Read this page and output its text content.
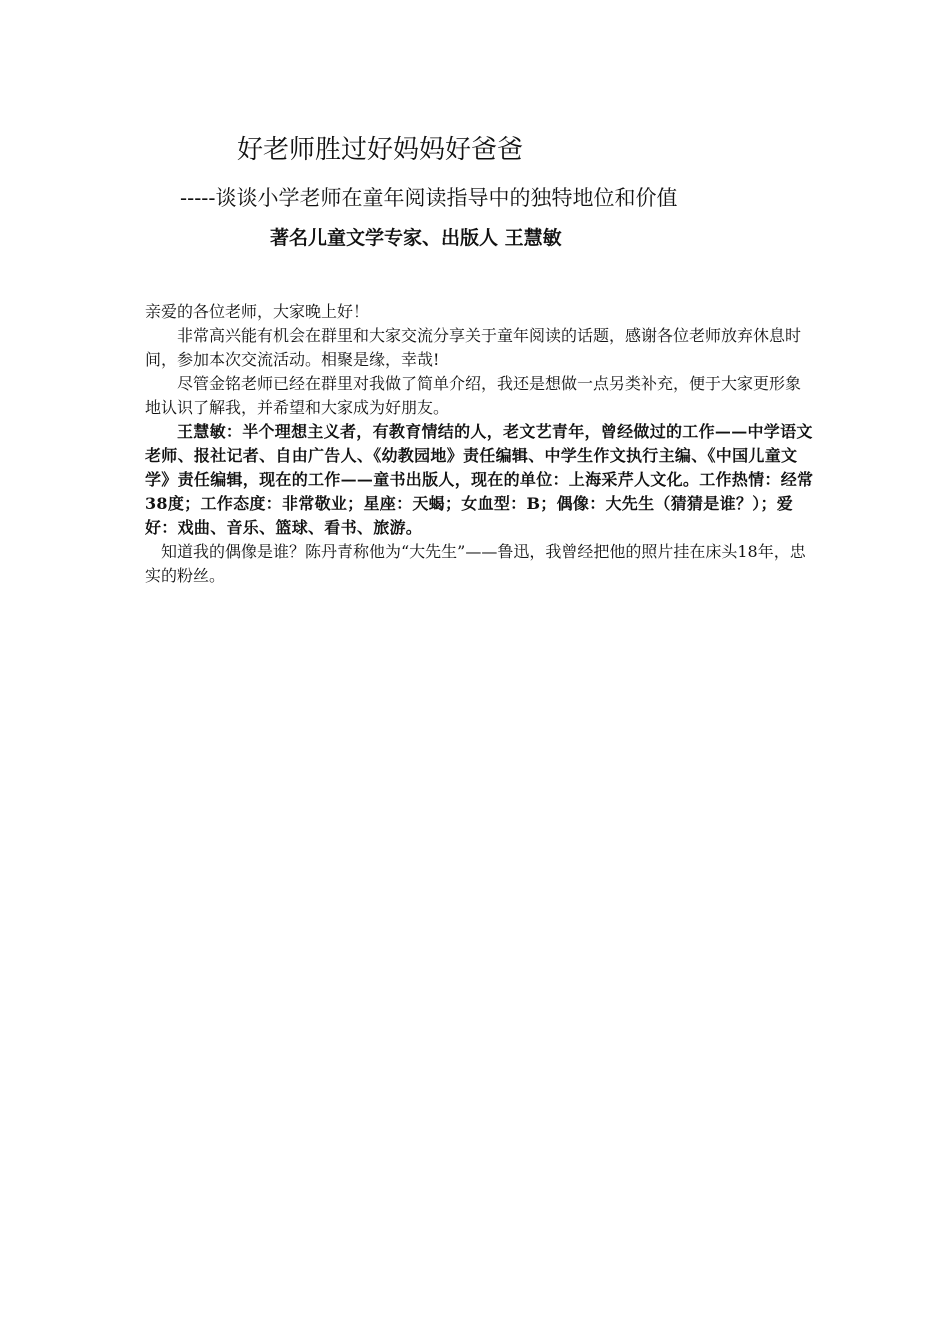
好老师胜过好妈妈好爸爸
-----谈谈小学老师在童年阅读指导中的独特地位和价值
著名儿童文学专家、出版人 王慧敏

亲爱的各位老师，大家晚上好！

非常高兴能有机会在群里和大家交流分享关于童年阅读的话题，感谢各位老师放弃休息时间，参加本次交流活动。相聚是缘，幸哉!

尽管金铭老师已经在群里对我做了简单介绍，我还是想做一点另类补充，便于大家更形象地认识了解我，并希望和大家成为好朋友。

王慧敏：半个理想主义者，有教育情结的人，老文艺青年，曾经做过的工作——中学语文老师、报社记者、自由广告人、《幼教园地》责任编辑、中学生作文执行主编、《中国儿童文学》责任编辑，现在的工作——童书出版人，现在的单位：上海采芹人文化。工作热情：经常38度；工作态度：非常敬业；星座：天蝎；女血型：B；偶像：大先生（猜猜是谁？）；爱好：戏曲、音乐、篮球、看书、旅游。

知道我的偶像是谁？陈丹青称他为“大先生”——鲁迅，我曾经把他的照片挂在床头18年，忠实的粉丝。
